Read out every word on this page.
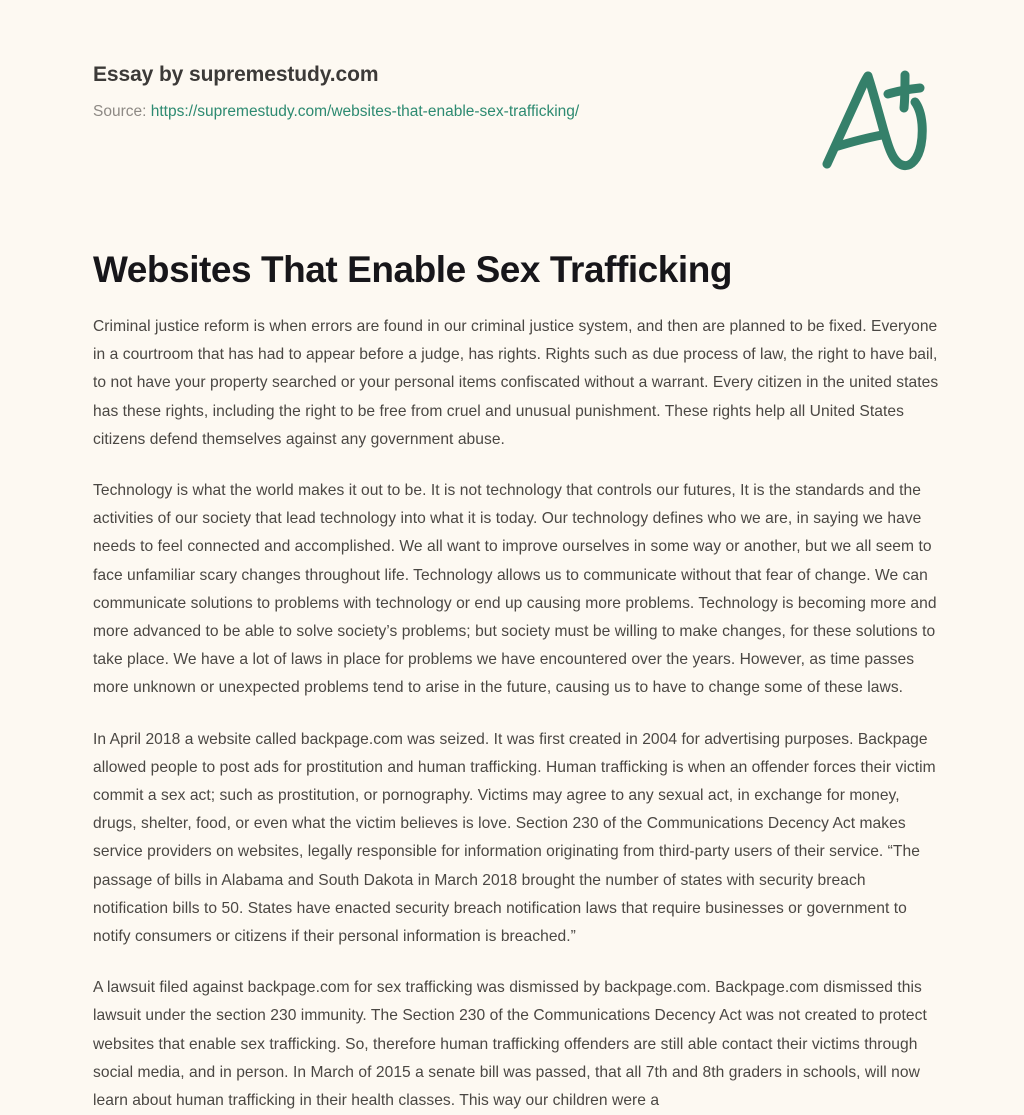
Essay by supremestudy.com
Source: https://supremestudy.com/websites-that-enable-sex-trafficking/
Websites That Enable Sex Trafficking

Criminal justice reform is when errors are found in our criminal justice system, and then are planned to be fixed. Everyone in a courtroom that has had to appear before a judge, has rights. Rights such as due process of law, the right to have bail, to not have your property searched or your personal items confiscated without a warrant. Every citizen in the united states has these rights, including the right to be free from cruel and unusual punishment. These rights help all United States citizens defend themselves against any government abuse.

Technology is what the world makes it out to be. It is not technology that controls our futures, It is the standards and the activities of our society that lead technology into what it is today. Our technology defines who we are, in saying we have needs to feel connected and accomplished. We all want to improve ourselves in some way or another, but we all seem to face unfamiliar scary changes throughout life. Technology allows us to communicate without that fear of change. We can communicate solutions to problems with technology or end up causing more problems. Technology is becoming more and more advanced to be able to solve society’s problems; but society must be willing to make changes, for these solutions to take place. We have a lot of laws in place for problems we have encountered over the years. However, as time passes more unknown or unexpected problems tend to arise in the future, causing us to have to change some of these laws.

In April 2018 a website called backpage.com was seized. It was first created in 2004 for advertising purposes. Backpage allowed people to post ads for prostitution and human trafficking. Human trafficking is when an offender forces their victim commit a sex act; such as prostitution, or pornography. Victims may agree to any sexual act, in exchange for money, drugs, shelter, food, or even what the victim believes is love. Section 230 of the Communications Decency Act makes service providers on websites, legally responsible for information originating from third-party users of their service. “The passage of bills in Alabama and South Dakota in March 2018 brought the number of states with security breach notification bills to 50. States have enacted security breach notification laws that require businesses or government to notify consumers or citizens if their personal information is breached.”

A lawsuit filed against backpage.com for sex trafficking was dismissed by backpage.com. Backpage.com dismissed this lawsuit under the section 230 immunity. The Section 230 of the Communications Decency Act was not created to protect websites that enable sex trafficking. So, therefore human trafficking offenders are still able contact their victims through social media, and in person. In March of 2015 a senate bill was passed, that all 7th and 8th graders in schools, will now learn about human trafficking in their health classes. This way our children were a
